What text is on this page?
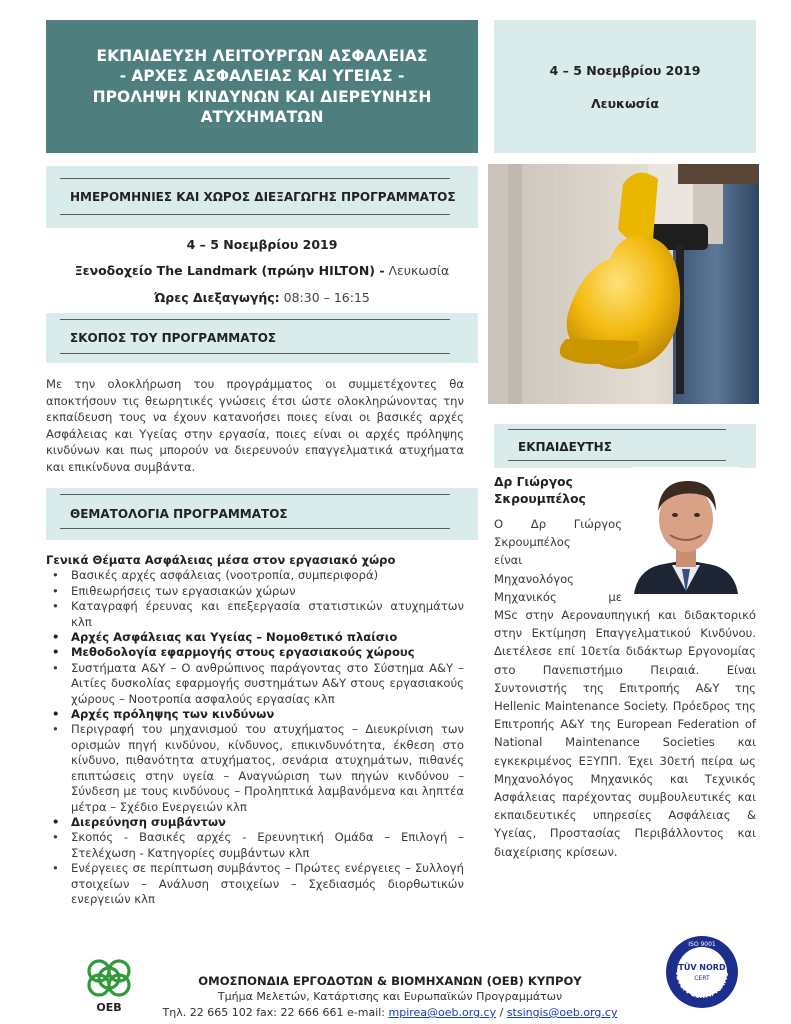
ΕΚΠΑΙΔΕΥΣΗ ΛΕΙΤΟΥΡΓΩΝ ΑΣΦΑΛΕΙΑΣ
- ΑΡΧΕΣ ΑΣΦΑΛΕΙΑΣ ΚΑΙ ΥΓΕΙΑΣ -
ΠΡΟΛΗΨΗ ΚΙΝΔΥΝΩΝ ΚΑΙ ΔΙΕΡΕΥΝΗΣΗ
ΑΤΥΧΗΜΑΤΩΝ
4 – 5 Νοεμβρίου 2019
Λευκωσία
ΗΜΕΡΟΜΗΝΙΕΣ ΚΑΙ ΧΩΡΟΣ ΔΙΕΞΑΓΩΓΗΣ ΠΡΟΓΡΑΜΜΑΤΟΣ
4 – 5 Νοεμβρίου 2019
Ξενοδοχείο The Landmark (πρώην HILTON) - Λευκωσία
Ώρες Διεξαγωγής: 08:30 – 16:15
ΣΚΟΠΟΣ ΤΟΥ ΠΡΟΓΡΑΜΜΑΤΟΣ
Με την ολοκλήρωση του προγράμματος οι συμμετέχοντες θα αποκτήσουν τις θεωρητικές γνώσεις έτσι ώστε ολοκληρώνοντας την εκπαίδευση τους να έχουν κατανοήσει ποιες είναι οι βασικές αρχές Ασφάλειας και Υγείας στην εργασία, ποιες είναι οι αρχές πρόληψης κινδύνων και πως μπορούν να διερευνούν επαγγελματικά ατυχήματα και επικίνδυνα συμβάντα.
ΘΕΜΑΤΟΛΟΓΙΑ ΠΡΟΓΡΑΜΜΑΤΟΣ
Γενικά Θέματα Ασφάλειας μέσα στον εργασιακό χώρο
• Βασικές αρχές ασφάλειας (νοοτροπία, συμπεριφορά)
• Επιθεωρήσεις των εργασιακών χώρων
• Καταγραφή έρευνας και επεξεργασία στατιστικών ατυχημάτων κλπ
• Αρχές Ασφάλειας και Υγείας – Νομοθετικό πλαίσιο
• Μεθοδολογία εφαρμογής στους εργασιακούς χώρους
• Συστήματα Α&Υ – Ο ανθρώπινος παράγοντας στο Σύστημα Α&Υ – Αιτίες δυσκολίας εφαρμογής συστημάτων Α&Υ στους εργασιακούς χώρους – Νοοτροπία ασφαλούς εργασίας κλπ
• Αρχές πρόληψης των κινδύνων
• Περιγραφή του μηχανισμού του ατυχήματος – Διευκρίνιση των ορισμών πηγή κινδύνου, κίνδυνος, επικινδυνότητα, έκθεση στο κίνδυνο, πιθανότητα ατυχήματος, σενάρια ατυχημάτων, πιθανές επιπτώσεις στην υγεία – Αναγνώριση των πηγών κινδύνου – Σύνδεση με τους κινδύνους – Προληπτικά λαμβανόμενα και ληπτέα μέτρα – Σχέδιο Ενεργειών κλπ
• Διερεύνηση συμβάντων
• Σκοπός - Βασικές αρχές - Ερευνητική Ομάδα – Επιλογή – Στελέχωση - Κατηγορίες συμβάντων κλπ
• Ενέργειες σε περίπτωση συμβάντος – Πρώτες ενέργειες – Συλλογή στοιχείων – Ανάλυση στοιχείων – Σχεδιασμός διορθωτικών ενεργειών κλπ
ΕΚΠΑΙΔΕΥΤΗΣ
Δρ Γιώργος
Σκρουμπέλος
Ο Δρ Γιώργος
Σκρουμπέλος
είναι
Μηχανολόγος
Μηχανικός με
MSc στην Αεροναυπηγική και διδακτορικό στην Εκτίμηση Επαγγελματικού Κινδύνου. Διετέλεσε επί 10ετία διδάκτωρ Εργονομίας στο Πανεπιστήμιο Πειραιά. Είναι Συντονιστής της Επιτροπής Α&Υ της Hellenic Maintenance Society. Πρόεδρος της Επιτροπής Α&Υ της European Federation of National Maintenance Societies και εγκεκριμένος ΕΞΥΠΠ. Έχει 30ετή πείρα ως Μηχανολόγος Μηχανικός και Τεχνικός Ασφάλειας παρέχοντας συμβουλευτικές και εκπαιδευτικές υπηρεσίες Ασφάλειας & Υγείας, Προστασίας Περιβάλλοντος και διαχείρισης κρίσεων.
ΟΕΒ
ΟΜΟΣΠΟΝΔΙΑ ΕΡΓΟΔΟΤΩΝ & ΒΙΟΜΗΧΑΝΩΝ (ΟΕΒ) ΚΥΠΡΟΥ
Τμήμα Μελετών, Κατάρτισης και Ευρωπαϊκών Προγραμμάτων
Τηλ. 22 665 102 fax: 22 666 661 e-mail: mpirea@oeb.org.cy / stsingis@oeb.org.cy
YSTEM CERTIFICATIO
ISO 9001
TÜV NORD
CERT
